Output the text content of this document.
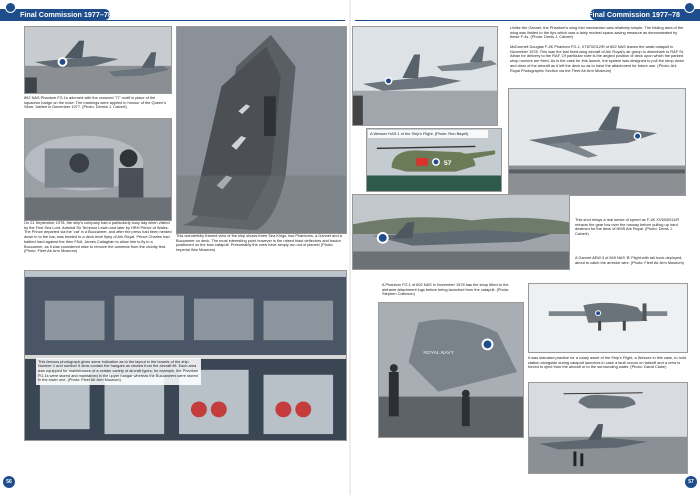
Final Commission 1977–78	Final Commission 1977–78
892 NAS Phantom FG.1s adorned with the crowned ’77’ motif in place of the squadron badge on the nose. The markings were applied in honour of the Queen’s Silver Jubilee in December 1977. (Photo: Dennis J. Calvert)
On 21 September 1978, the ship’s company had a particularly busy day when visited by the First Sea Lord, Admiral Sir Terrence Lewin and later by HRH Prince of Wales. The Prince departed via the ‘cat’ in a Buccaneer, and after the press had been herded down in to the bar, was treated to a deck-level flyby of Ark Royal. Prince Charles had battled hard against the then FNA, James Callaghan to allow him to fly in a Buccaneer, as it was considered wise to remove the cameras from the vicinity first. (Photo: Fleet Air Arm Museum)
This wonderfully framed view of the ship shows three Sea Kings, two Phantoms, a Gannet and a Buccaneer on deck. The most interesting point however is the raised blast deflectors and tractor positioned on the bow catapult. Presumably the crew have simply run out of planes! (Photo: Imperial War Museum)
This famous photograph gives some indication as to the layout in the bowels of the ship. Number 1 and number 5 deck contain the hangars as viewed from the aircraft lift. Each area was equipped for maintenance of a certain variety of aircraft types; for example, the Phantom FG.1s were stored and maintained in the upper hangar whereas the Buccaneers were stored in the lower one. (Photo: Fleet Air Arm Museum)
56
Unlike the Gannet, the Phantom’s wing fold mechanism was relatively simple. The folding area of the wing was limited to the tips which was a fairly modest space-saving measure as demonstrated by these F-4s. (Photo: Denis J. Calvert)
McDonnell Douglas F-4K Phantom FG.1, XT870/012/R of 892 NAS leaves the waist catapult in November 1978. This was the last fixed-wing aircraft of Ark Royal’s air group to disembark to RAF St. Athan for delivery to the RAF. Of particular note is the angled position of deck upon which the parked shop runners are fixed. As is the case for this launch, the system was designed to pull the strop down and clear of the aircraft as it left the deck so as to have the attachment for future use. (Photo: Ark Royal Photographic Section via the Fleet Air Arm Museum)
57
A Wessex HAS.1 of the Ship’s Flight. (Photo: Ron Bayell)
This shot relays a real sense of speed as F-4K XV593/011/R retracts the gear low over the runway before pulling up hard destined for the deck of HMS Ark Royal. (Photo: Denis J. Calvert)
A Gannet AEW.3 of 849 NAS ‘B’ Flight with tail hook deployed, about to catch the arrestor wire. (Photo: Fleet Air Arm Museum)
A Phantom FG.1 of 892 NAS in November 1978 has the strop fitted to the airframe attachment lugs before being launched from the catapult. (Photo: Stephen Collinson)
ROYAL NAVY
It was standard practice for a rotary asset of the Ship’s Flight, a Wessex in this case, to hold station alongside during catapult launches in case a fault occurs on takeoff and a crew is forced to eject from the aircraft or to the surrounding water. (Photo: David Claire)
57
